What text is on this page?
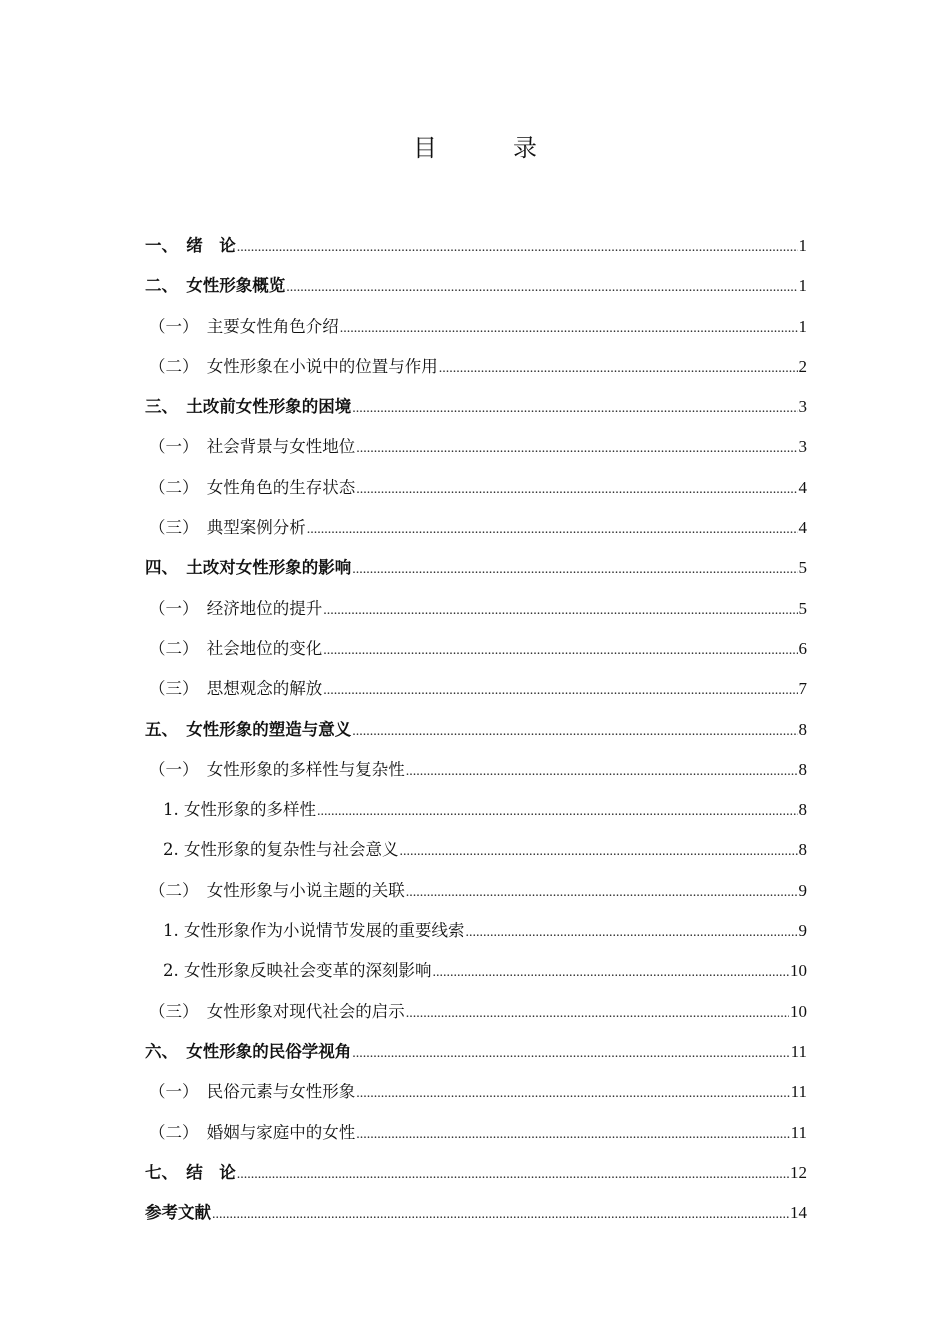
目　录
一、　 绪　论 .....	1
二、　 女性形象概览 .....	1
（一）　 主要女性角色介绍 .....	1
（二）　 女性形象在小说中的位置与作用 .....	2
三、　 土改前女性形象的困境 .....	3
（一）　 社会背景与女性地位 .....	3
（二）　 女性角色的生存状态 .....	4
（三）　 典型案例分析 .....	4
四、　 土改对女性形象的影响 .....	5
（一）　 经济地位的提升 .....	5
（二）　 社会地位的变化 .....	6
（三）　 思想观念的解放 .....	7
五、　 女性形象的塑造与意义 .....	8
（一）　 女性形象的多样性与复杂性 .....	8
1. 女性形象的多样性 .....	8
2. 女性形象的复杂性与社会意义 .....	8
（二）　 女性形象与小说主题的关联 .....	9
1. 女性形象作为小说情节发展的重要线索 .....	9
2. 女性形象反映社会变革的深刻影响 .....	10
（三）　 女性形象对现代社会的启示 .....	10
六、　 女性形象的民俗学视角 .....	11
（一）　 民俗元素与女性形象 .....	11
（二）　 婚姻与家庭中的女性 .....	11
七、　 结　论 .....	12
参考文献 .....	14
